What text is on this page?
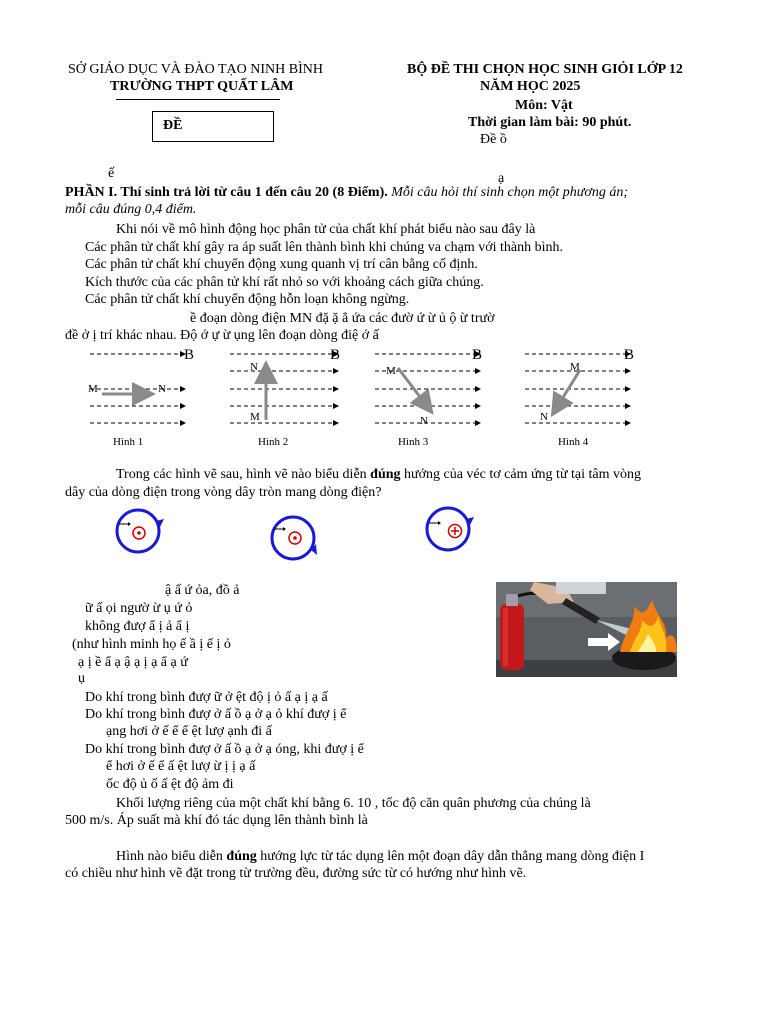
SỞ GIÁO DỤC VÀ ĐÀO TẠO NINH BÌNH
TRƯỜNG THPT QUẤT LÂM
ĐỀ
BỘ ĐỀ THI CHỌN HỌC SINH GIỎI LỚP 12
NĂM HỌC 2025
Môn: Vật
Thời gian làm bài: 90 phút.
Đề ồ
ế	ạ
PHẦN I. Thí sinh trả lời từ câu 1 đến câu 20 (8 Điểm). Mỗi câu hỏi thí sinh chọn một phương án;
mỗi câu đúng 0,4 điểm.
Khi nói về mô hình động học phân tử của chất khí phát biểu nào sau đây là
Các phân tử chất khí gây ra áp suất lên thành bình khi chúng va chạm với thành bình.
Các phân tử chất khí chuyển động xung quanh vị trí cân bằng cố định.
Kích thước của các phân tử khí rất nhỏ so với khoảng cách giữa chúng.
Các phân tử chất khí chuyển động hỗn loạn không ngừng.
ề đoạn dòng điện MN đặ ặ ẳ ứa các đườ ứ ừ ủ ộ ừ trườ
đề ở ị trí khác nhau. Độ ớ ự ừ ụng lên đoạn dòng điệ ớ ấ
B
M	N
Hình 1
B
N
M
Hình 2
B
M
N
Hình 3
B
M
N
Hình 4
Trong các hình vẽ sau, hình vẽ nào biểu diễn đúng hướng của véc tơ cảm ứng từ tại tâm vòng
dây của dòng điện trong vòng dây tròn mang dòng điện?
ậ ấ ứ ỏa, đồ ả
ữ ấ ọi ngườ ừ ụ ứ ỏ
không đượ ẩ ị ả ẩ ị
(như hình minh họ ế ầ ị ế ị ỏ
ạ ị ề ẩ ạ ậ ạ ị ạ ẩ ạ ứ
ụ
Do khí trong bình đượ ữ ở ệt độ ị ỏ ấ ạ ị ạ ấ
Do khí trong bình đượ ở ấ ồ ạ ở ạ ỏ khí đượ ị ể
ạng hơi ở ế ể ể ệt lượ ạnh đi ấ
Do khí trong bình đượ ở ấ ồ ạ ở ạ óng, khi đượ ị ể
ể hơi ở ế ể ấ ệt lượ ừ ị ị ạ ấ
ốc độ ủ ố ấ ệt độ ảm đi
Khối lượng riêng của một chất khí bằng 6. 10 , tốc độ căn quân phương của chúng là
500 m/s. Áp suất mà khí đó tác dụng lên thành bình là
Hình nào biểu diễn đúng hướng lực từ tác dụng lên một đoạn dây dẫn thẳng mang dòng điện I
có chiều như hình vẽ đặt trong từ trường đều, đường sức từ có hướng như hình vẽ.
